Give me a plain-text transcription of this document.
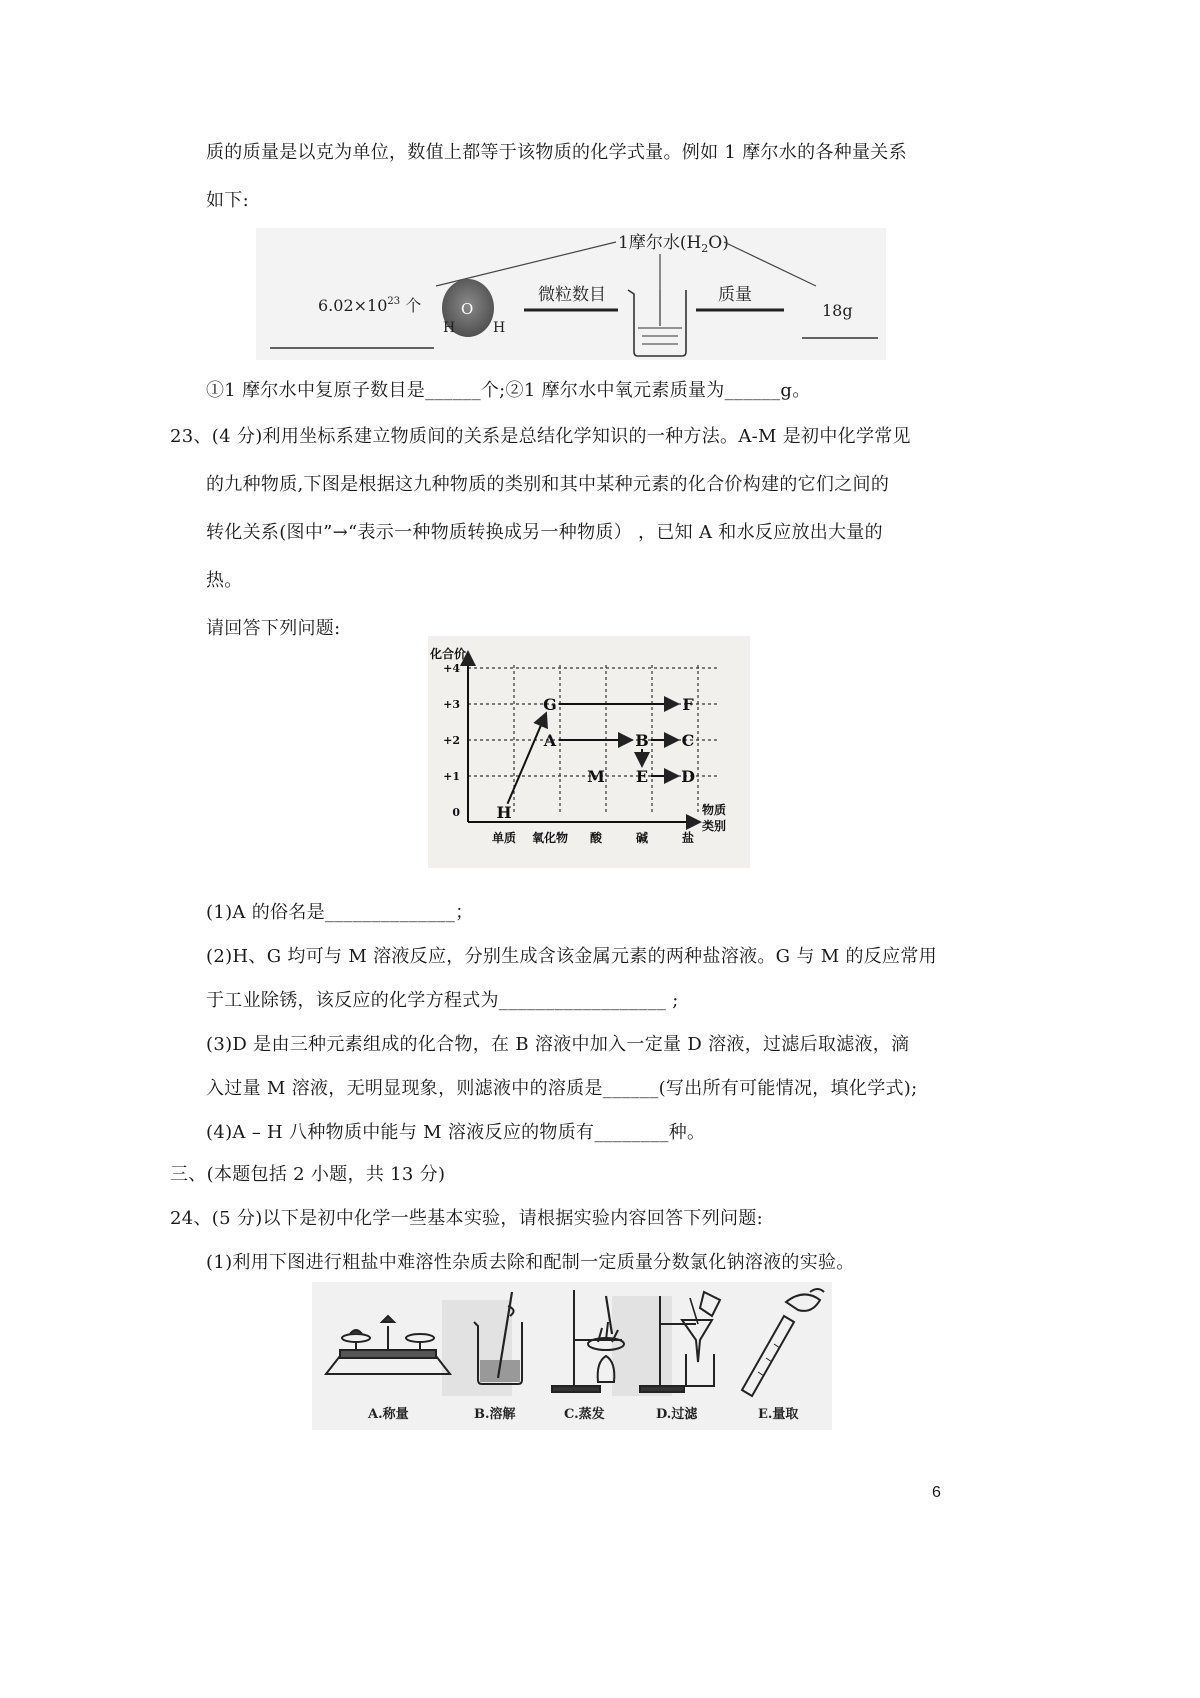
质的质量是以克为单位，数值上都等于该物质的化学式量。例如 1 摩尔水的各种量关系
如下:
1摩尔水$(H_2O)$
$6.02\times 10^{23}$ 个	O
H	H
微粒数目	质量
18g
①1 摩尔水中复原子数目是______个;②1 摩尔水中氧元素质量为______g。
23、(4 分)利用坐标系建立物质间的关系是总结化学知识的一种方法。A-M 是初中化学常见
的九种物质,下图是根据这九种物质的类别和其中某种元素的化合价构建的它们之间的
转化关系(图中”→“表示一种物质转换成另一种物质） ，已知 A 和水反应放出大量的
热。
请回答下列问题:
H
G
A
M
B
E
F
C
D
化合价
物质
类别
0
+1
+2
+3
+4
单质 氧化物 酸	碱	盐
(1)A 的俗名是______________；
(2)H、G 均可与 M 溶液反应，分别生成含该金属元素的两种盐溶液。G 与 M 的反应常用
于工业除锈，该反应的化学方程式为__________________ ;
(3)D 是由三种元素组成的化合物，在 B 溶液中加入一定量 D 溶液，过滤后取滤液，滴
入过量 M 溶液，无明显现象，则滤液中的溶质是______(写出所有可能情况，填化学式);
(4)A – H 八种物质中能与 M 溶液反应的物质有________种。
三、(本题包括 2 小题，共 13 分)
24、(5 分)以下是初中化学一些基本实验，请根据实验内容回答下列问题:
(1)利用下图进行粗盐中难溶性杂质去除和配制一定质量分数氯化钠溶液的实验。
A.称量	B.溶解	C.蒸发	D.过滤	E.量取
6
